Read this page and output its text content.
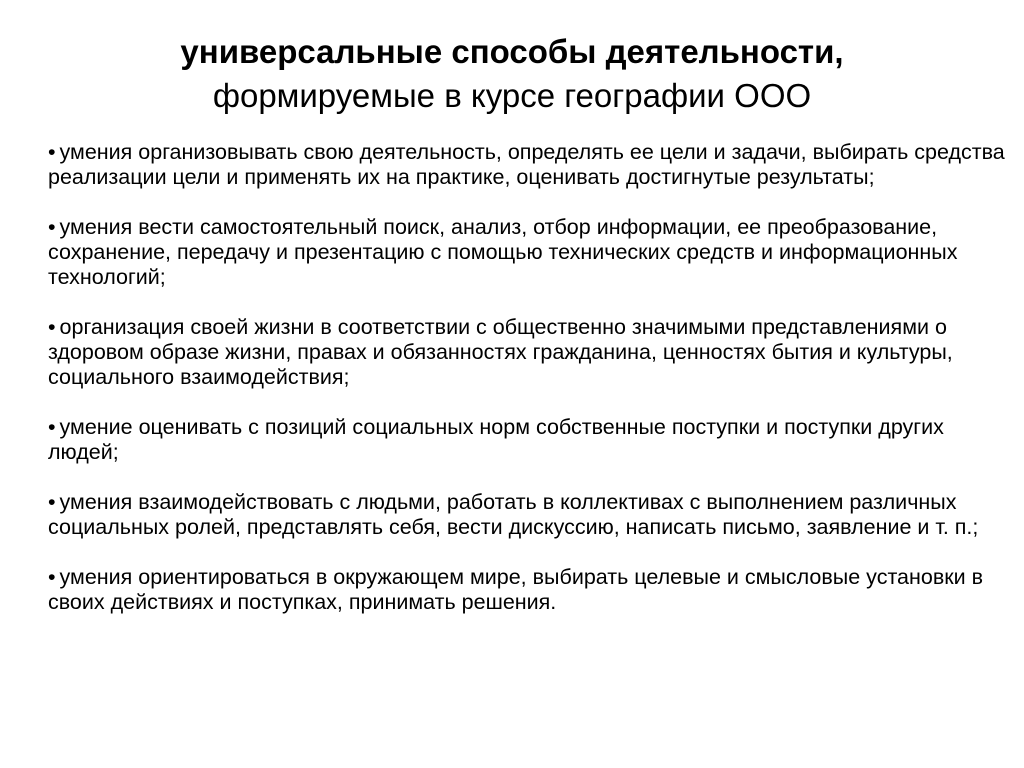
универсальные способы деятельности,
формируемые в курсе географии ООО
• умения организовывать свою деятельность, определять ее цели и задачи, выбирать средства реализации цели и применять их на практике, оценивать достигнутые результаты;
• умения вести самостоятельный поиск, анализ, отбор информации, ее преобразование, сохранение, передачу и презентацию с помощью технических средств и информационных технологий;
• организация своей жизни в соответствии с общественно значимыми представлениями о здоровом образе жизни, правах и обязанностях гражданина, ценностях бытия и культуры, социального взаимодействия;
• умение оценивать с позиций социальных норм собственные поступки и поступки других людей;
• умения взаимодействовать с людьми, работать в коллективах с выполнением различных социальных ролей, представлять себя, вести дискуссию, написать письмо, заявление и т. п.;
• умения ориентироваться в окружающем мире, выбирать целевые и смысловые установки в своих действиях и поступках, принимать решения.
